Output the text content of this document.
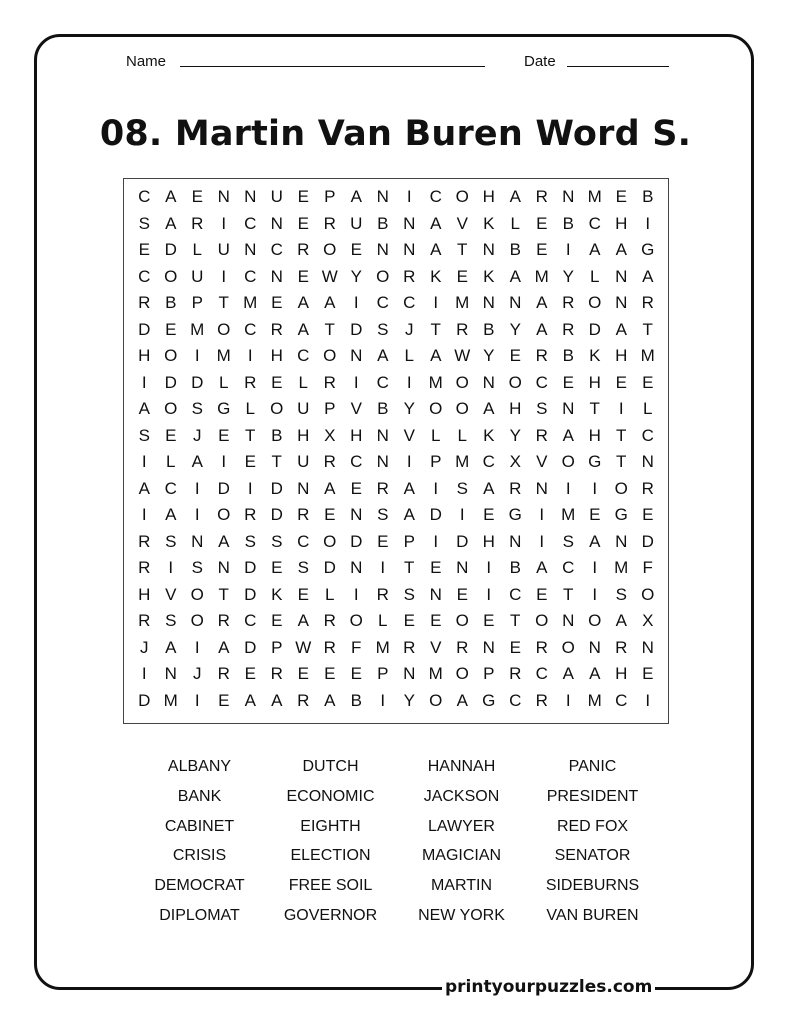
Name	Date
08. Martin Van Buren Word S.
C A E N N U E P A N	I	C O H A R N M E B
S A R	I	C N E R U B N A V K L E B C H	I
E D L U N C R O E N N A T N B E	I	A A G
C O U	I	C N E W Y O R K E K A M Y L N A
R B P T M E A A	I	C C	I	M N N A R O N R
D E M O C R A T D S J	T R B Y A R D A T
H O	I	M	I	H C O N A L A W Y E R B K H M
I	D D L R E L R	I	C	I	M O N O C E H E E
A O S G L O U P V B Y O O A H S N T	I	L
S E J E T B H X H N V L	L K Y R A H T C
I	L A	I	E T U R C N	I	P M C X V O G T N
A C	I	D	I	D N A E R A	I	S A R N	I	I	O R
I	A	I	O R D R E N S A D	I	E G	I	M E G E
R S N A S S C O D E P	I	D H N	I	S A N D
R	I	S N D E S D N	I	T E N	I	B A C	I	M F
H V O T D K E L	I	R S N E	I	C E T	I	S O
R S O R C E A R O L E E O E T O N O A X
J A	I	A D P W R F M R V R N E R O N R N
I	N J R E R E E E P N M O P R C A A H E
D M	I	E A A R A B	I	Y O A G C R	I	M C	I
ALBANY	DUTCH	HANNAH	PANIC
BANK	ECONOMIC	JACKSON	PRESIDENT
CABINET	EIGHTH	LAWYER	RED FOX
CRISIS	ELECTION	MAGICIAN	SENATOR
DEMOCRAT	FREE SOIL	MARTIN	SIDEBURNS
DIPLOMAT	GOVERNOR	NEW YORK	VAN BUREN
printyourpuzzles.com
